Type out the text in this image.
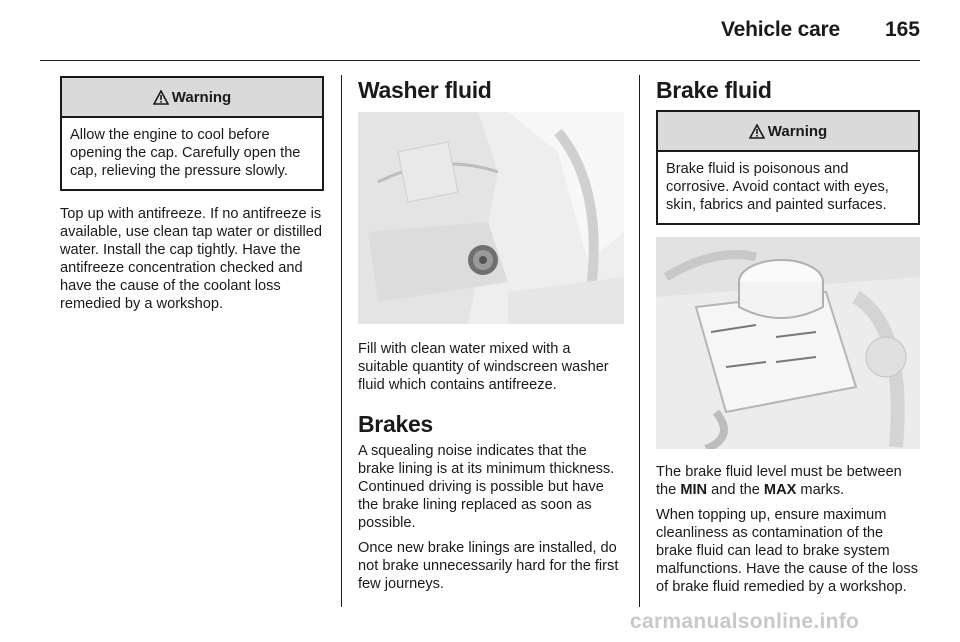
Vehicle care	165
Warning
Allow the engine to cool before opening the cap. Carefully open the cap, relieving the pressure slowly.

Top up with antifreeze. If no antifreeze is available, use clean tap water or distilled water. Install the cap tightly. Have the antifreeze concentration checked and have the cause of the coolant loss remedied by a workshop.

Washer fluid

Fill with clean water mixed with a suitable quantity of windscreen washer fluid which contains antifreeze.

Brakes

A squealing noise indicates that the brake lining is at its minimum thickness. Continued driving is possible but have the brake lining replaced as soon as possible.

Once new brake linings are installed, do not brake unnecessarily hard for the first few journeys.

Brake fluid
Warning
Brake fluid is poisonous and corrosive. Avoid contact with eyes, skin, fabrics and painted surfaces.

The brake fluid level must be between the MIN and the MAX marks.

When topping up, ensure maximum cleanliness as contamination of the brake fluid can lead to brake system malfunctions. Have the cause of the loss of brake fluid remedied by a workshop.

carmanualsonline.info
